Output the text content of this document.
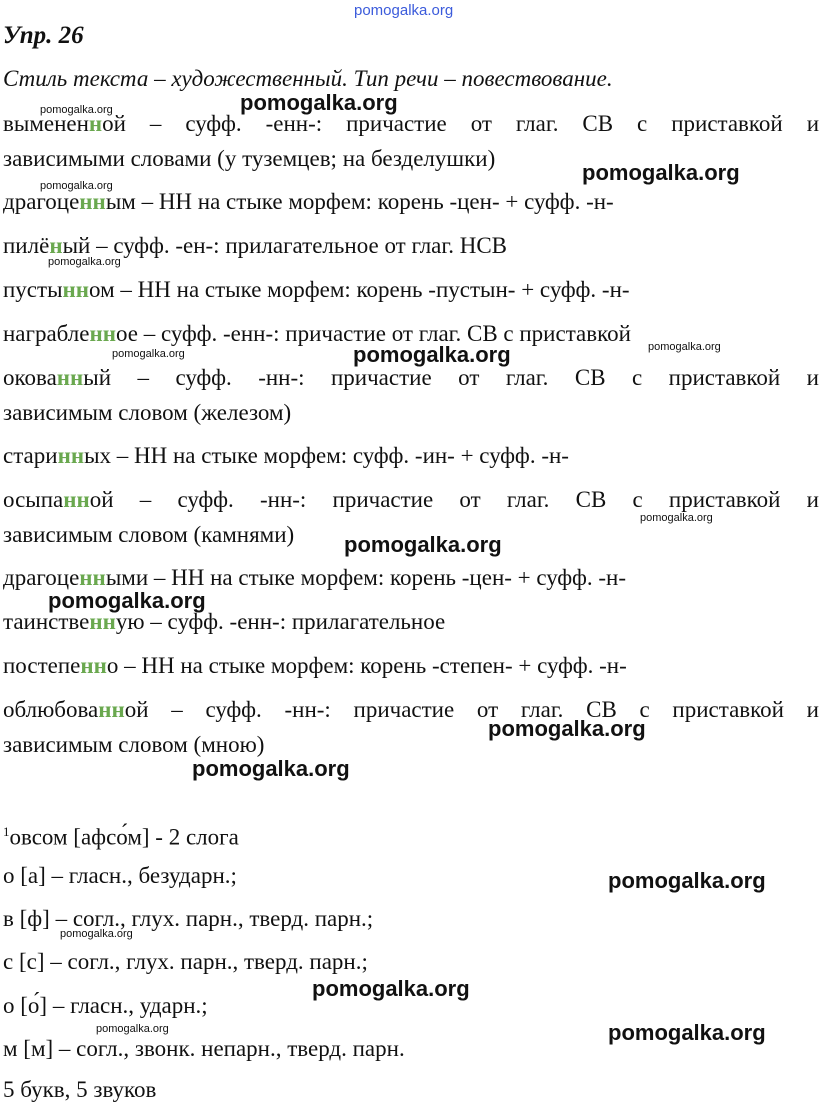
pomogalka.org
Упр. 26
Стиль текста – художественный. Тип речи – повествование.
вымененной – суфф. -енн-: причастие от глаг. СВ с приставкой и
зависимыми словами (у туземцев; на безделушки)
драгоценным – НН на стыке морфем: корень -цен- + суфф. -н-
пилёный – суфф. -ен-: прилагательное от глаг. НСВ
пустынном – НН на стыке морфем: корень -пустын- + суфф. -н-
награбленное – суфф. -енн-: причастие от глаг. СВ с приставкой
окованный – суфф. -нн-: причастие от глаг. СВ с приставкой и
зависимым словом (железом)
старинных – НН на стыке морфем: суфф. -ин- + суфф. -н-
осыпанной – суфф. -нн-: причастие от глаг. СВ с приставкой и
зависимым словом (камнями)
драгоценными – НН на стыке морфем: корень -цен- + суфф. -н-
таинственную – суфф. -енн-: прилагательное
постепенно – НН на стыке морфем: корень -степен- + суфф. -н-
облюбованной – суфф. -нн-: причастие от глаг. СВ с приставкой и
зависимым словом (мною)
$^1$овсом [афсо́м] - 2 слога
о [а] – гласн., безударн.;
в [ф] – согл., глух. парн., тверд. парн.;
с [с] – согл., глух. парн., тверд. парн.;
о [о́] – гласн., ударн.;
м [м] – согл., звонк. непарн., тверд. парн.
5 букв, 5 звуков
pomogalka.org	pomogalka.org
pomogalka.org
pomogalka.org
pomogalka.org
pomogalka.org	pomogalka.org	pomogalka.org
pomogalka.org
pomogalka.org
pomogalka.org
pomogalka.org
pomogalka.org
pomogalka.org
pomogalka.org
pomogalka.org
pomogalka.org	pomogalka.org
